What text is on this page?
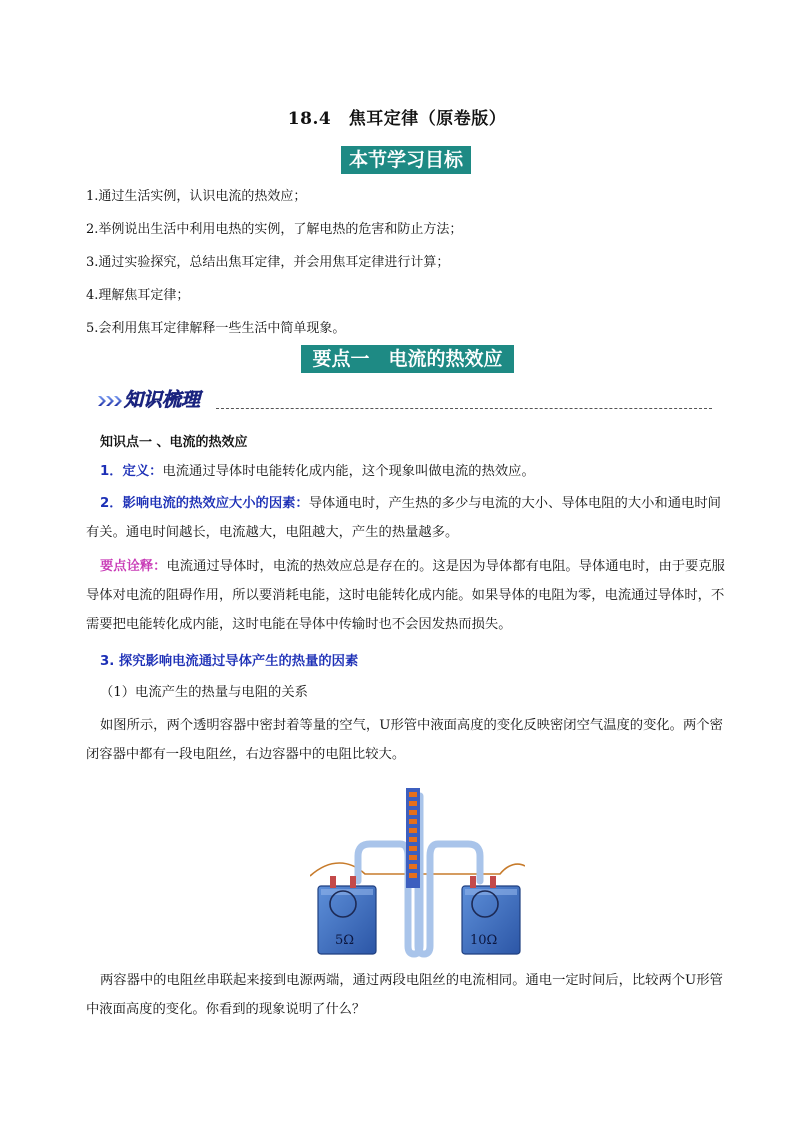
18.4　焦耳定律（原卷版）
本节学习目标
1.通过生活实例，认识电流的热效应；
2.举例说出生活中利用电热的实例，了解电热的危害和防止方法；
3.通过实验探究，总结出焦耳定律，并会用焦耳定律进行计算；
4.理解焦耳定律；
5.会利用焦耳定律解释一些生活中简单现象。
要点一　电流的热效应
知识梳理
知识点一 、电流的热效应
1．定义：电流通过导体时电能转化成内能，这个现象叫做电流的热效应。
2．影响电流的热效应大小的因素：导体通电时，产生热的多少与电流的大小、导体电阻的大小和通电时间有关。通电时间越长，电流越大，电阻越大，产生的热量越多。
要点诠释：电流通过导体时，电流的热效应总是存在的。这是因为导体都有电阻。导体通电时，由于要克服导体对电流的阻碍作用，所以要消耗电能，这时电能转化成内能。如果导体的电阻为零，电流通过导体时，不需要把电能转化成内能，这时电能在导体中传输时也不会因发热而损失。
3. 探究影响电流通过导体产生的热量的因素
（1）电流产生的热量与电阻的关系
如图所示，两个透明容器中密封着等量的空气，U形管中液面高度的变化反映密闭空气温度的变化。两个密闭容器中都有一段电阻丝，右边容器中的电阻比较大。
5Ω	10Ω
两容器中的电阻丝串联起来接到电源两端，通过两段电阻丝的电流相同。通电一定时间后，比较两个U形管中液面高度的变化。你看到的现象说明了什么？
